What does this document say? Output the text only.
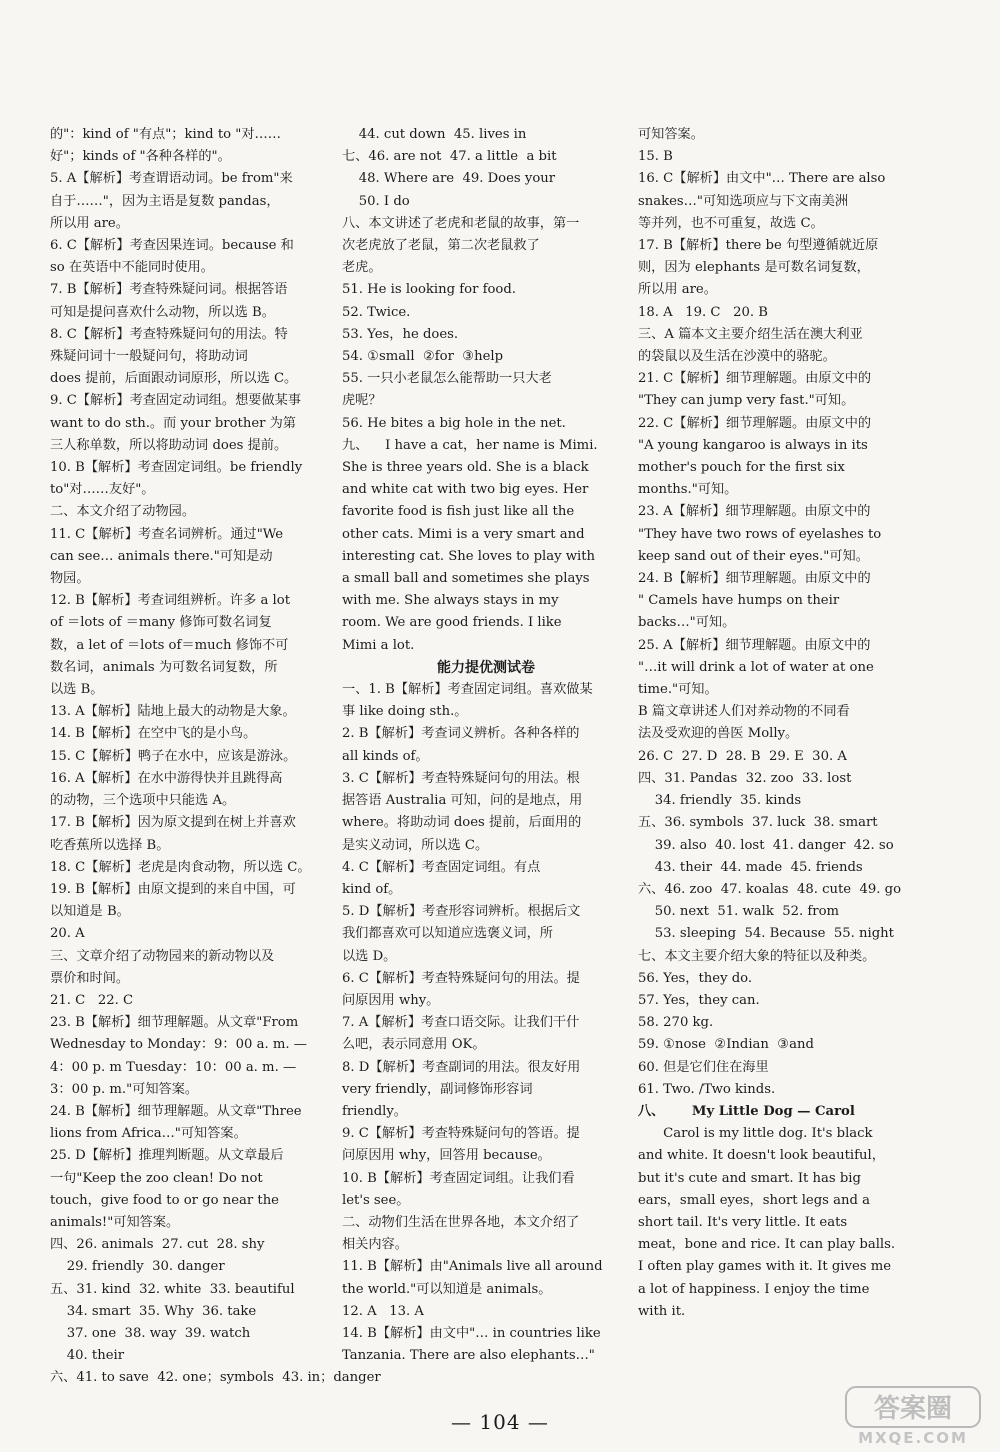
的"：kind of "有点"；kind to "对……
好"；kinds of "各种各样的"。
5. A【解析】考查谓语动词。be from"来
自于……"，因为主语是复数 pandas，
所以用 are。
6. C【解析】考查因果连词。because 和
so 在英语中不能同时使用。
7. B【解析】考查特殊疑问词。根据答语
可知是提问喜欢什么动物，所以选 B。
8. C【解析】考查特殊疑问句的用法。特
殊疑问词十一般疑问句，将助动词
does 提前，后面跟动词原形，所以选 C。
9. C【解析】考查固定动词组。想要做某事
want to do sth.。而 your brother 为第
三人称单数，所以将助动词 does 提前。
10. B【解析】考查固定词组。be friendly
to"对……友好"。
二、本文介绍了动物园。
11. C【解析】考查名词辨析。通过"We
can see… animals there."可知是动
物园。
12. B【解析】考查词组辨析。许多 a lot
of ＝lots of ＝many 修饰可数名词复
数，a let of ＝lots of＝much 修饰不可
数名词，animals 为可数名词复数，所
以选 B。
13. A【解析】陆地上最大的动物是大象。
14. B【解析】在空中飞的是小鸟。
15. C【解析】鸭子在水中，应该是游泳。
16. A【解析】在水中游得快并且跳得高
的动物，三个选项中只能选 A。
17. B【解析】因为原文提到在树上并喜欢
吃香蕉所以选择 B。
18. C【解析】老虎是肉食动物，所以选 C。
19. B【解析】由原文提到的来自中国，可
以知道是 B。
20. A
三、文章介绍了动物园来的新动物以及
票价和时间。
21. C   22. C
23. B【解析】细节理解题。从文章"From
Wednesday to Monday：9：00 a. m. —
4：00 p. m Tuesday：10：00 a. m. —
3：00 p. m."可知答案。
24. B【解析】细节理解题。从文章"Three
lions from Africa…"可知答案。
25. D【解析】推理判断题。从文章最后
一句"Keep the zoo clean! Do not
touch，give food to or go near the
animals!"可知答案。
四、26. animals  27. cut  28. shy
29. friendly  30. danger
五、31. kind  32. white  33. beautiful
34. smart  35. Why  36. take
37. one  38. way  39. watch
40. their
六、41. to save  42. one；symbols  43. in；danger
44. cut down  45. lives in
七、46. are not  47. a little  a bit
48. Where are  49. Does your
50. I do
八、本文讲述了老虎和老鼠的故事，第一
次老虎放了老鼠，第二次老鼠救了
老虎。
51. He is looking for food.
52. Twice.
53. Yes，he does.
54. ①small  ②for  ③help
55. 一只小老鼠怎么能帮助一只大老
虎呢？
56. He bites a big hole in the net.
九、    I have a cat，her name is Mimi.
She is three years old. She is a black
and white cat with two big eyes. Her
favorite food is fish just like all the
other cats. Mimi is a very smart and
interesting cat. She loves to play with
a small ball and sometimes she plays
with me. She always stays in my
room. We are good friends. I like
Mimi a lot.
能力提优测试卷
一、1. B【解析】考查固定词组。喜欢做某
事 like doing sth.。
2. B【解析】考查词义辨析。各种各样的
all kinds of。
3. C【解析】考查特殊疑问句的用法。根
据答语 Australia 可知，问的是地点，用
where。将助动词 does 提前，后面用的
是实义动词，所以选 C。
4. C【解析】考查固定词组。有点
kind of。
5. D【解析】考查形容词辨析。根据后文
我们都喜欢可以知道应选褒义词，所
以选 D。
6. C【解析】考查特殊疑问句的用法。提
问原因用 why。
7. A【解析】考查口语交际。让我们干什
么吧，表示同意用 OK。
8. D【解析】考查副词的用法。很友好用
very friendly，副词修饰形容词
friendly。
9. C【解析】考查特殊疑问句的答语。提
问原因用 why，回答用 because。
10. B【解析】考查固定词组。让我们看
let's see。
二、动物们生活在世界各地，本文介绍了
相关内容。
11. B【解析】由"Animals live all around
the world."可以知道是 animals。
12. A   13. A
14. B【解析】由文中"… in countries like
Tanzania. There are also elephants…"
可知答案。
15. B
16. C【解析】由文中"… There are also
snakes…"可知选项应与下文南美洲
等并列，也不可重复，故选 C。
17. B【解析】there be 句型遵循就近原
则，因为 elephants 是可数名词复数，
所以用 are。
18. A   19. C   20. B
三、A 篇本文主要介绍生活在澳大利亚
的袋鼠以及生活在沙漠中的骆驼。
21. C【解析】细节理解题。由原文中的
"They can jump very fast."可知。
22. C【解析】细节理解题。由原文中的
"A young kangaroo is always in its
mother's pouch for the first six
months."可知。
23. A【解析】细节理解题。由原文中的
"They have two rows of eyelashes to
keep sand out of their eyes."可知。
24. B【解析】细节理解题。由原文中的
" Camels have humps on their
backs…"可知。
25. A【解析】细节理解题。由原文中的
"…it will drink a lot of water at one
time."可知。
B 篇文章讲述人们对养动物的不同看
法及受欢迎的兽医 Molly。
26. C  27. D  28. B  29. E  30. A
四、31. Pandas  32. zoo  33. lost
34. friendly  35. kinds
五、36. symbols  37. luck  38. smart
39. also  40. lost  41. danger  42. so
43. their  44. made  45. friends
六、46. zoo  47. koalas  48. cute  49. go
50. next  51. walk  52. from
53. sleeping  54. Because  55. night
七、本文主要介绍大象的特征以及种类。
56. Yes，they do.
57. Yes，they can.
58. 270 kg.
59. ①nose  ②Indian  ③and
60. 但是它们住在海里
61. Two. /Two kinds.
八、      My Little Dog — Carol
Carol is my little dog. It's black
and white. It doesn't look beautiful，
but it's cute and smart. It has big
ears，small eyes，short legs and a
short tail. It's very little. It eats
meat，bone and rice. It can play balls.
I often play games with it. It gives me
a lot of happiness. I enjoy the time
with it.
— 104 —	答案圈
MXQE.COM
